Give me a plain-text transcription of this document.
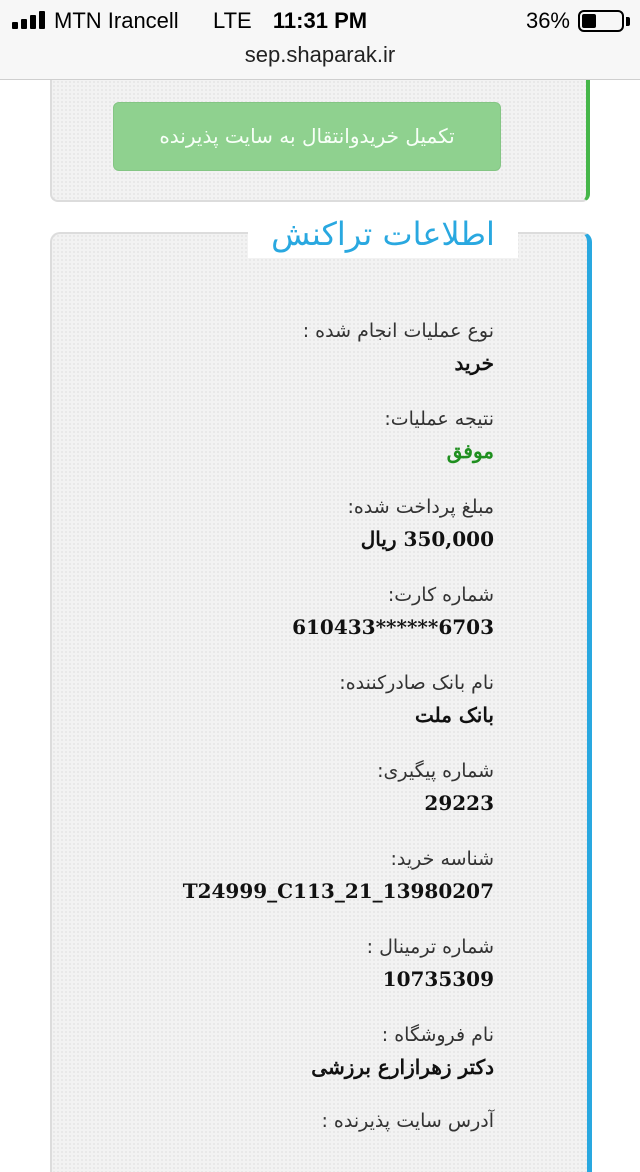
MTN Irancell LTE 11:31 PM	36%
sep.shaparak.ir
تکمیل خریدوانتقال به سایت پذیرنده
اطلاعات تراکنش
نوع عملیات انجام شده :
خرید
نتیجه عملیات:
موفق
مبلغ پرداخت شده:
350,000 ریال
شماره کارت:
610433******6703
نام بانک صادرکننده:
بانک ملت
شماره پیگیری:
29223
شناسه خرید:
T24999_C113_21_13980207
شماره ترمینال :
10735309
نام فروشگاه :
دکتر زهرازارع برزشی
آدرس سایت پذیرنده :
